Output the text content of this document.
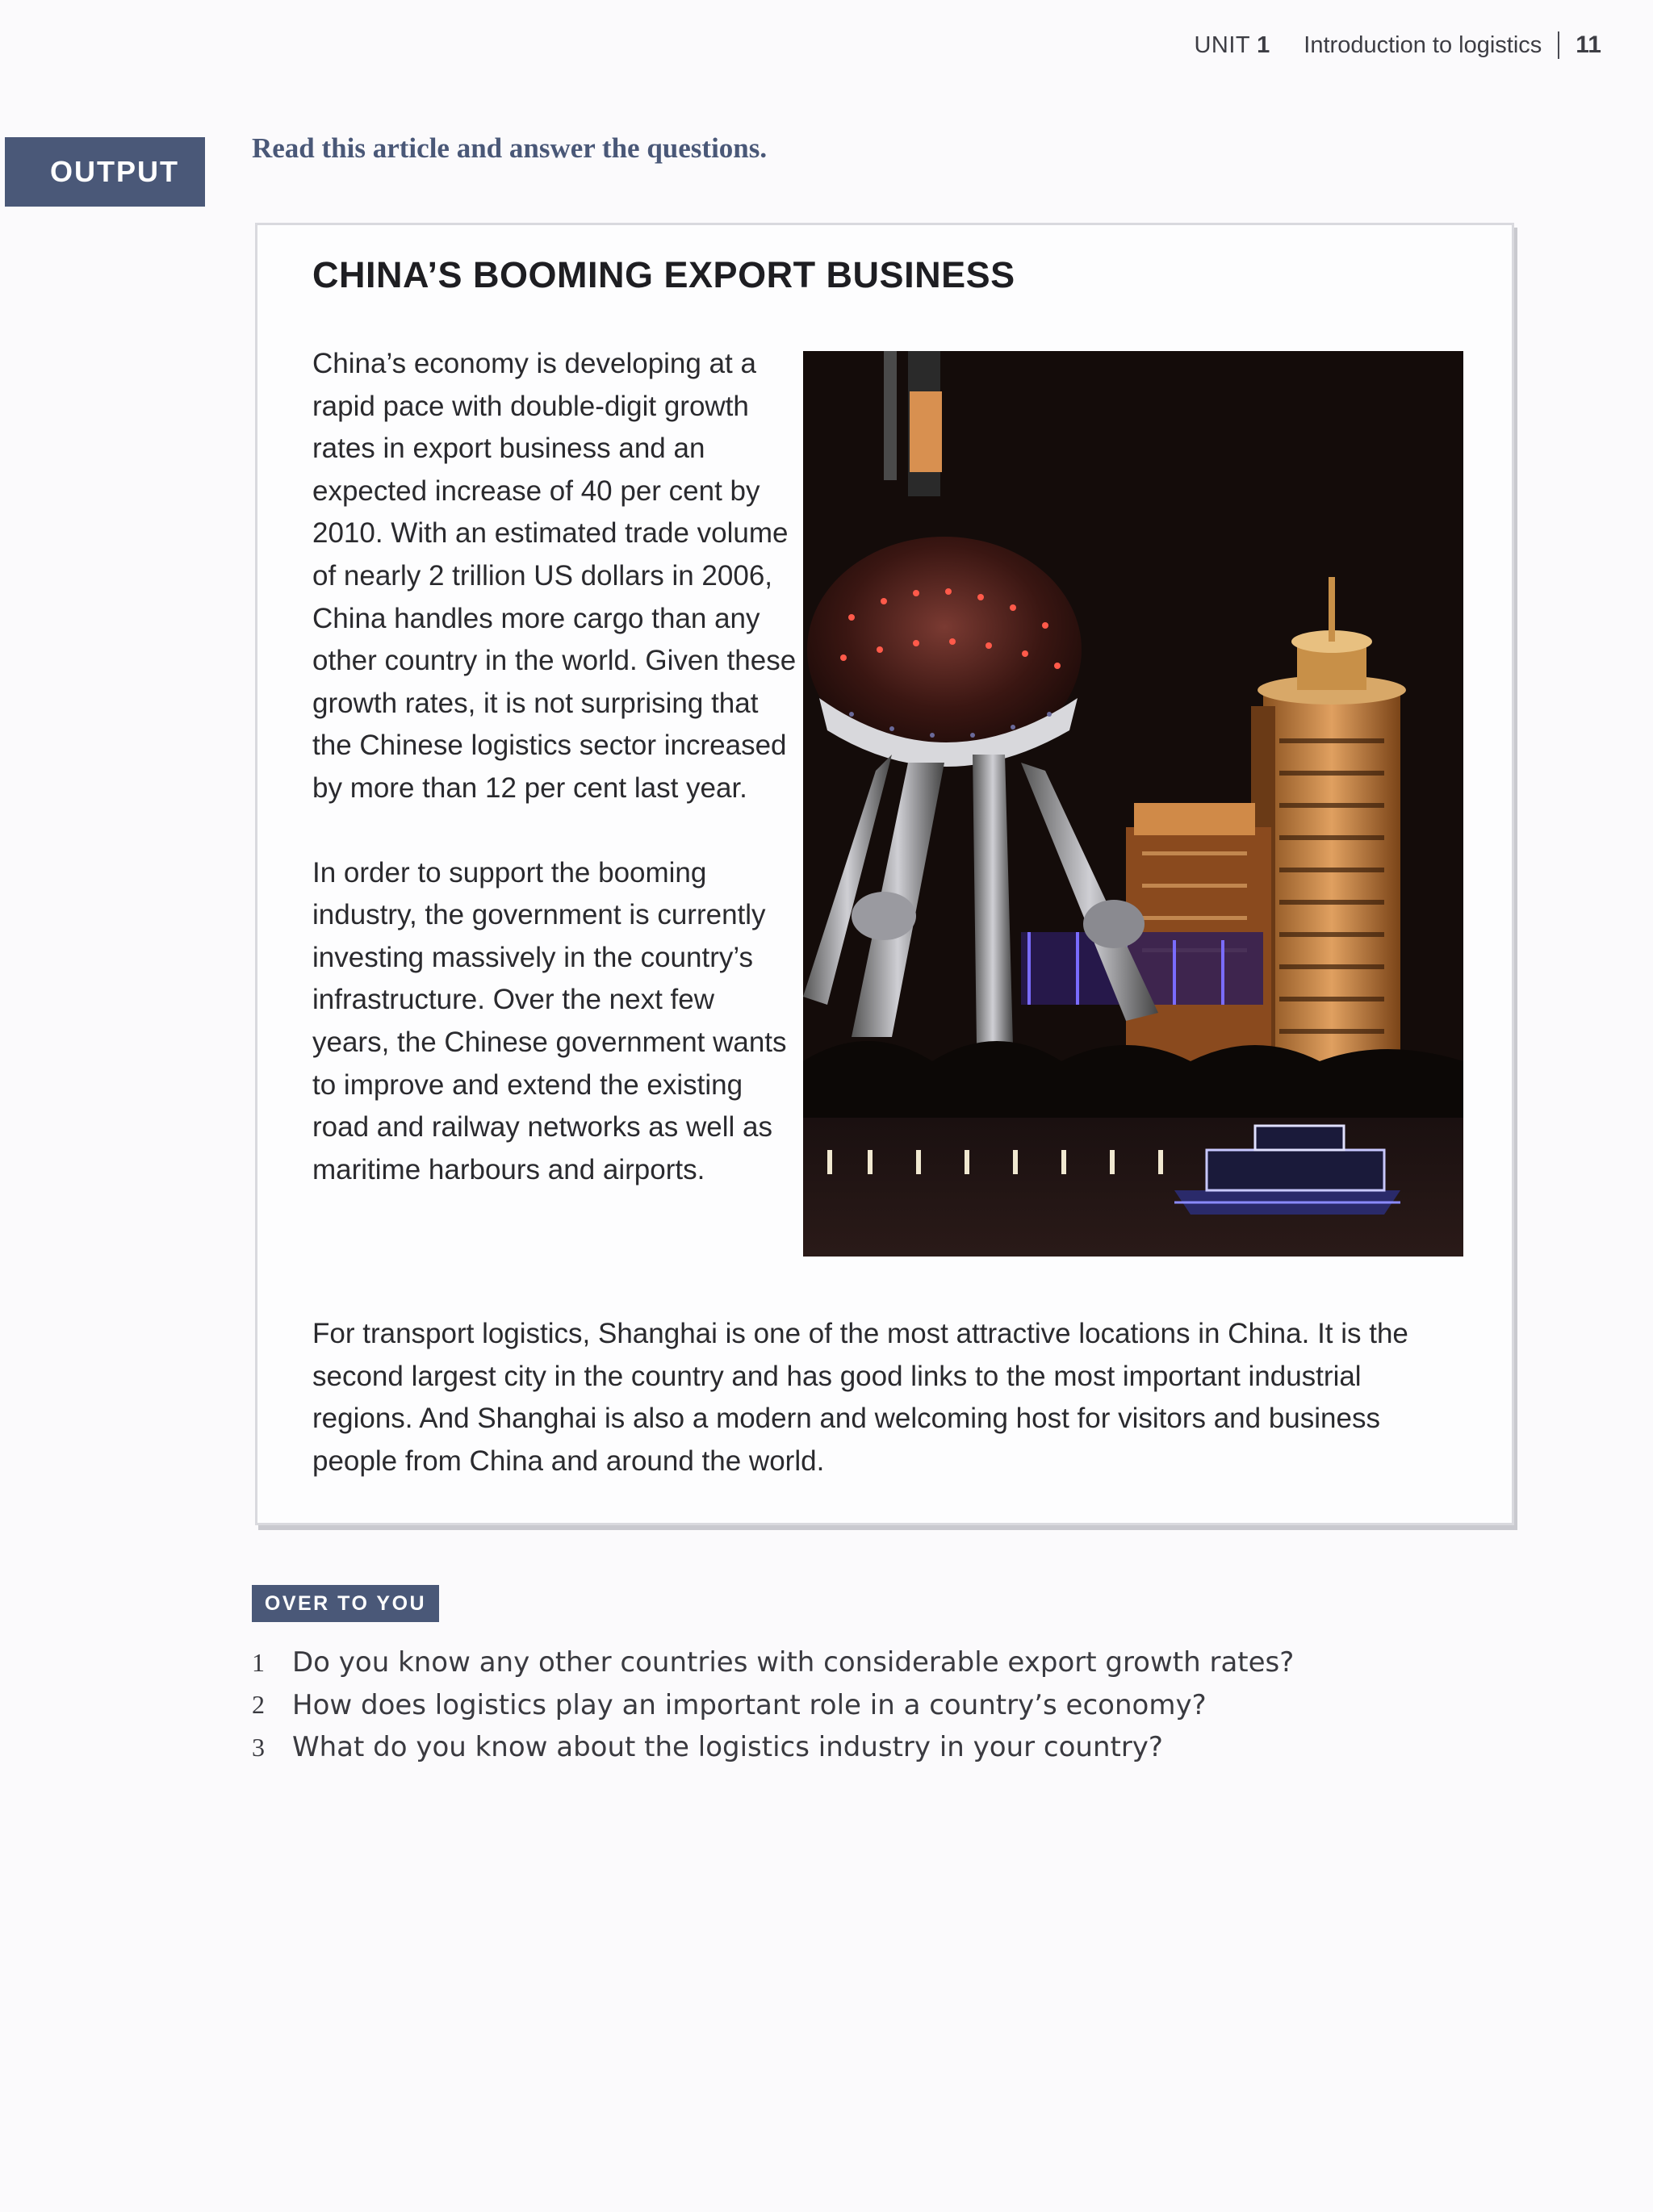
UNIT 1 Introduction to logistics 11
OUTPUT
Read this article and answer the questions.
CHINA’S BOOMING EXPORT BUSINESS

China’s economy is developing at a rapid pace with double-digit growth rates in export business and an expected increase of 40 per cent by 2010. With an estimated trade volume of nearly 2 trillion US dollars in 2006, China handles more cargo than any other country in the world. Given these growth rates, it is not surprising that the Chinese logistics sector increased by more than 12 per cent last year.

In order to support the booming industry, the government is currently investing massively in the country’s infrastructure. Over the next few years, the Chinese government wants to improve and extend the existing road and railway networks as well as maritime harbours and airports.

For transport logistics, Shanghai is one of the most attractive locations in China. It is the second largest city in the country and has good links to the most important industrial regions. And Shanghai is also a modern and welcoming host for visitors and business people from China and around the world.

OVER TO YOU
1	Do you know any other countries with considerable export growth rates?
2	How does logistics play an important role in a country’s economy?
3	What do you know about the logistics industry in your country?
